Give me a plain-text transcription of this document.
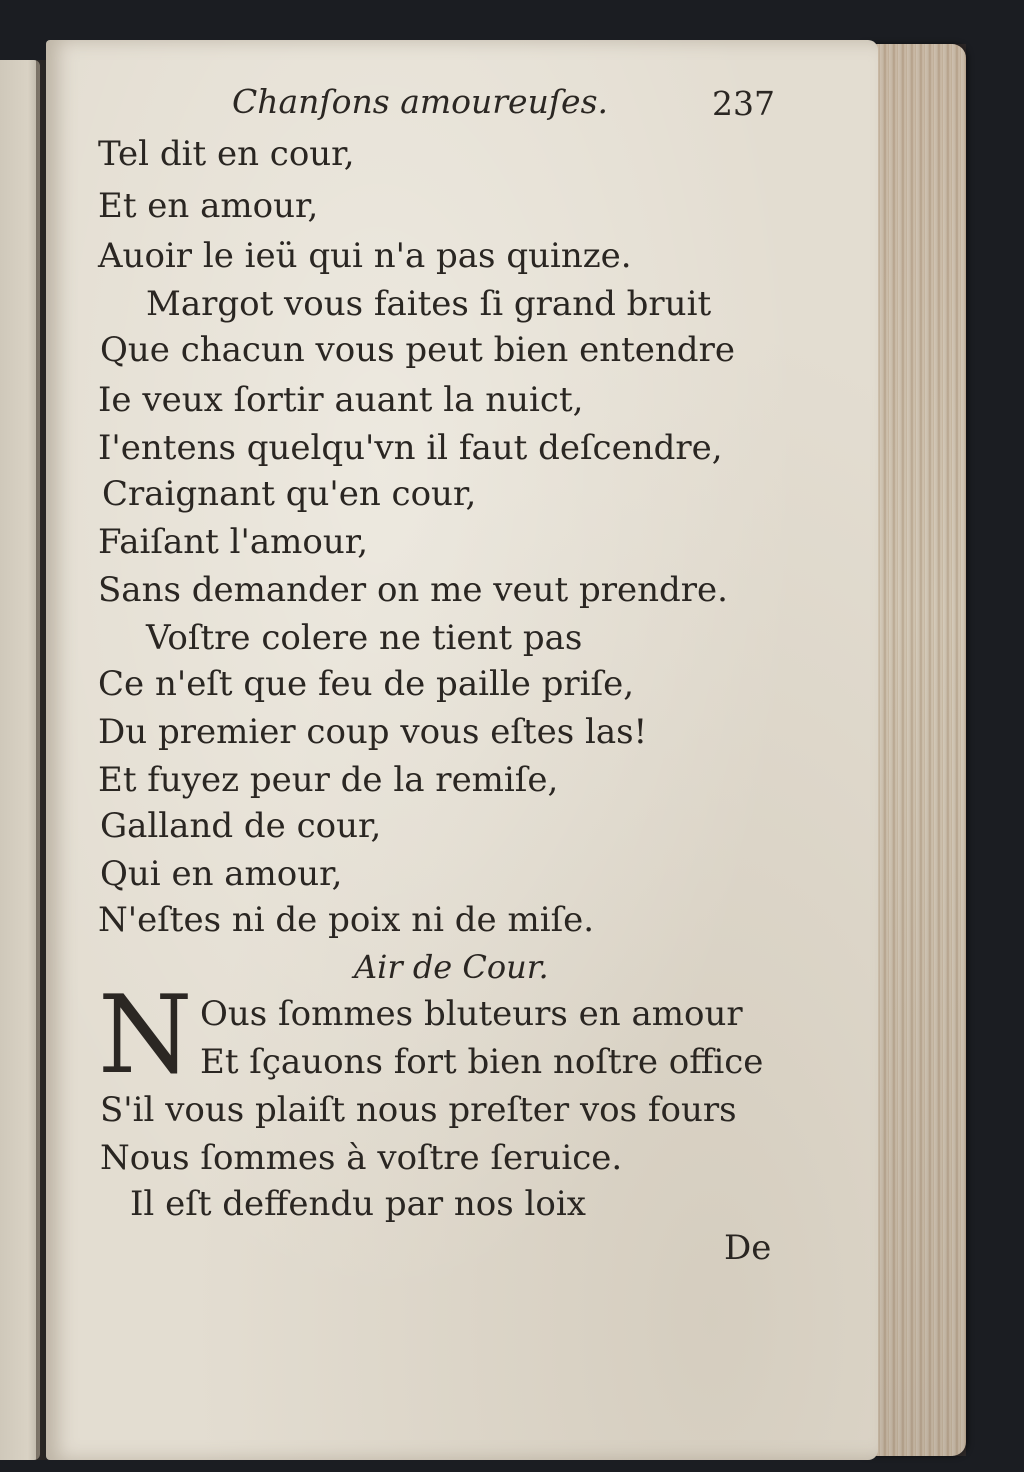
Chanſons amoureuſes.	237
Tel dit en cour,
Et en amour,
Auoir le ieü qui n'a pas quinze.
Margot vous faites ſi grand bruit
Que chacun vous peut bien entendre
Ie veux ſortir auant la nuict,
I'entens quelqu'vn il faut deſcendre,
Craignant qu'en cour,
Faiſant l'amour,
Sans demander on me veut prendre.
Voſtre colere ne tient pas
Ce n'eſt que feu de paille priſe,
Du premier coup vous eſtes las!
Et fuyez peur de la remiſe,
Galland de cour,
Qui en amour,
N'eſtes ni de poix ni de miſe.
Air de Cour.
N Ous ſommes bluteurs en amour
Et ſçauons fort bien noſtre office
S'il vous plaiſt nous preſter vos fours
Nous ſommes à voſtre ſeruice.
Il eſt deffendu par nos loix
De
